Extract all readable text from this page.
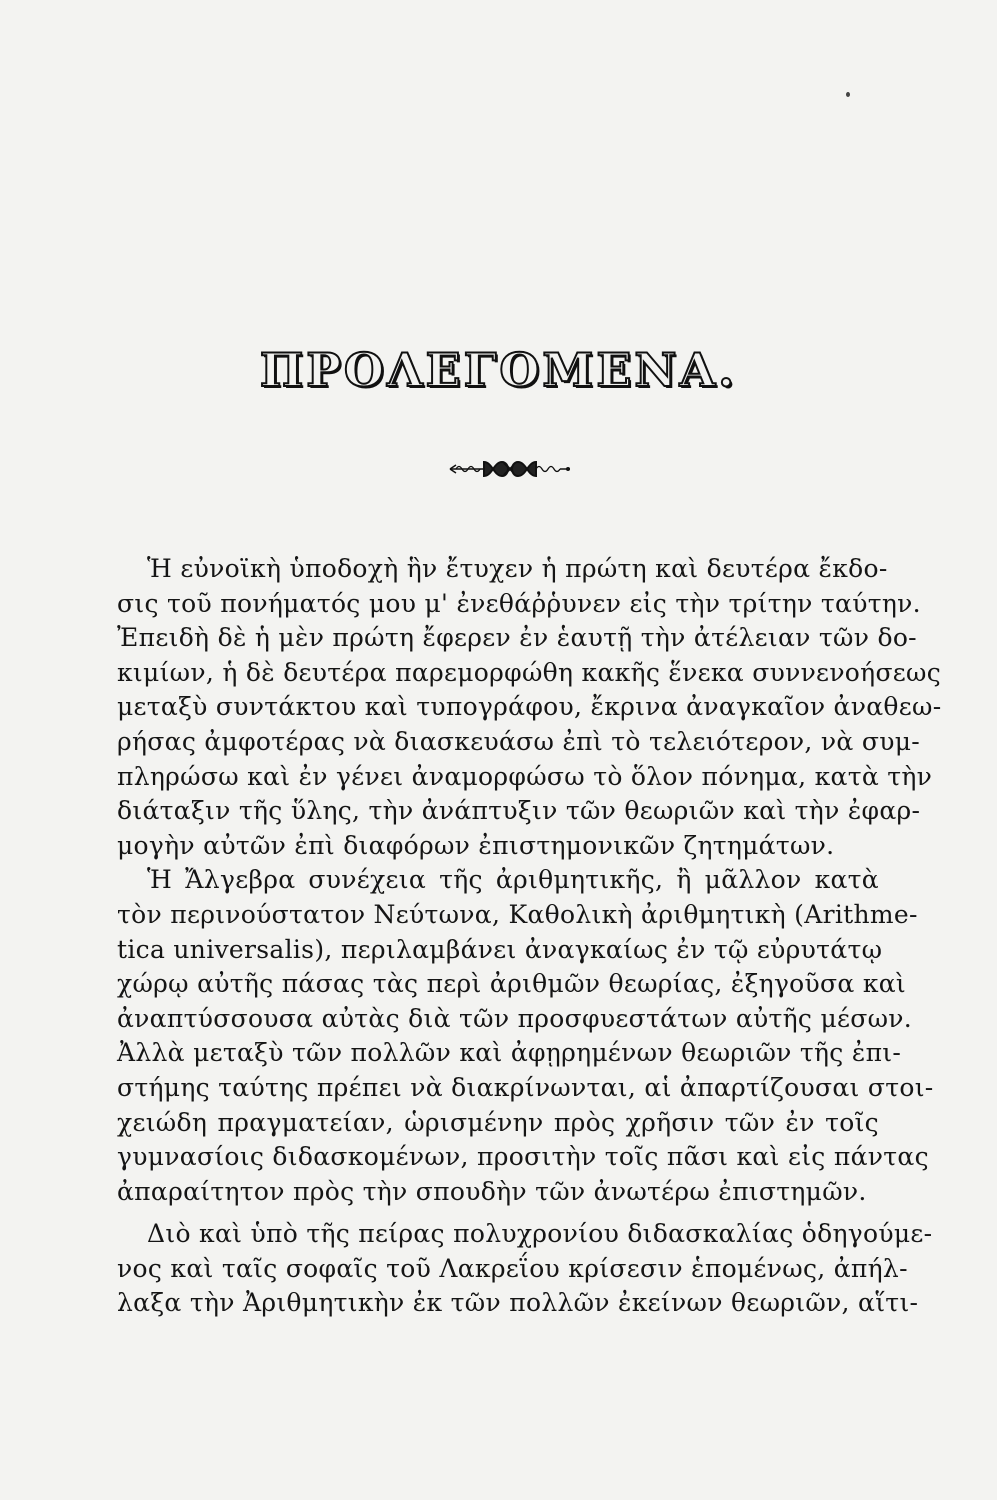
ΠΡΟΛΕΓΟΜΕΝΑ.
Ἡ εὐνοϊκὴ ὑποδοχὴ ἣν ἔτυχεν ἡ πρώτη καὶ δευτέρα ἔκδο-
σις τοῦ πονήματός μου μ' ἐνεθάῤῥυνεν εἰς τὴν τρίτην ταύτην.
Ἐπειδὴ δὲ ἡ μὲν πρώτη ἔφερεν ἐν ἑαυτῇ τὴν ἀτέλειαν τῶν δο-
κιμίων, ἡ δὲ δευτέρα παρεμορφώθη κακῆς ἕνεκα συννενοήσεως
μεταξὺ συντάκτου καὶ τυπογράφου, ἔκρινα ἀναγκαῖον ἀναθεω-
ρήσας ἀμφοτέρας νὰ διασκευάσω ἐπὶ τὸ τελειότερον, νὰ συμ-
πληρώσω καὶ ἐν γένει ἀναμορφώσω τὸ ὅλον πόνημα, κατὰ τὴν
διάταξιν τῆς ὕλης, τὴν ἀνάπτυξιν τῶν θεωριῶν καὶ τὴν ἐφαρ-
μογὴν αὐτῶν ἐπὶ διαφόρων ἐπιστημονικῶν ζητημάτων.
Ἡ Ἄλγεβρα συνέχεια τῆς ἀριθμητικῆς, ἢ μᾶλλον κατὰ
τὸν περινούστατον Νεύτωνα, Καθολικὴ ἀριθμητικὴ (Arithme-
tica universalis), περιλαμβάνει ἀναγκαίως ἐν τῷ εὐρυτάτῳ
χώρῳ αὐτῆς πάσας τὰς περὶ ἀριθμῶν θεωρίας, ἐξηγοῦσα καὶ
ἀναπτύσσουσα αὐτὰς διὰ τῶν προσφυεστάτων αὐτῆς μέσων.
Ἀλλὰ μεταξὺ τῶν πολλῶν καὶ ἀφῃρημένων θεωριῶν τῆς ἐπι-
στήμης ταύτης πρέπει νὰ διακρίνωνται, αἱ ἀπαρτίζουσαι στοι-
χειώδη πραγματείαν, ὡρισμένην πρὸς χρῆσιν τῶν ἐν τοῖς
γυμνασίοις διδασκομένων, προσιτὴν τοῖς πᾶσι καὶ εἰς πάντας
ἀπαραίτητον πρὸς τὴν σπουδὴν τῶν ἀνωτέρω ἐπιστημῶν.
Διὸ καὶ ὑπὸ τῆς πείρας πολυχρονίου διδασκαλίας ὁδηγούμε-
νος καὶ ταῖς σοφαῖς τοῦ Λακρεΐου κρίσεσιν ἑπομένως, ἀπήλ-
λαξα τὴν Ἀριθμητικὴν ἐκ τῶν πολλῶν ἐκείνων θεωριῶν, αἵτι-
